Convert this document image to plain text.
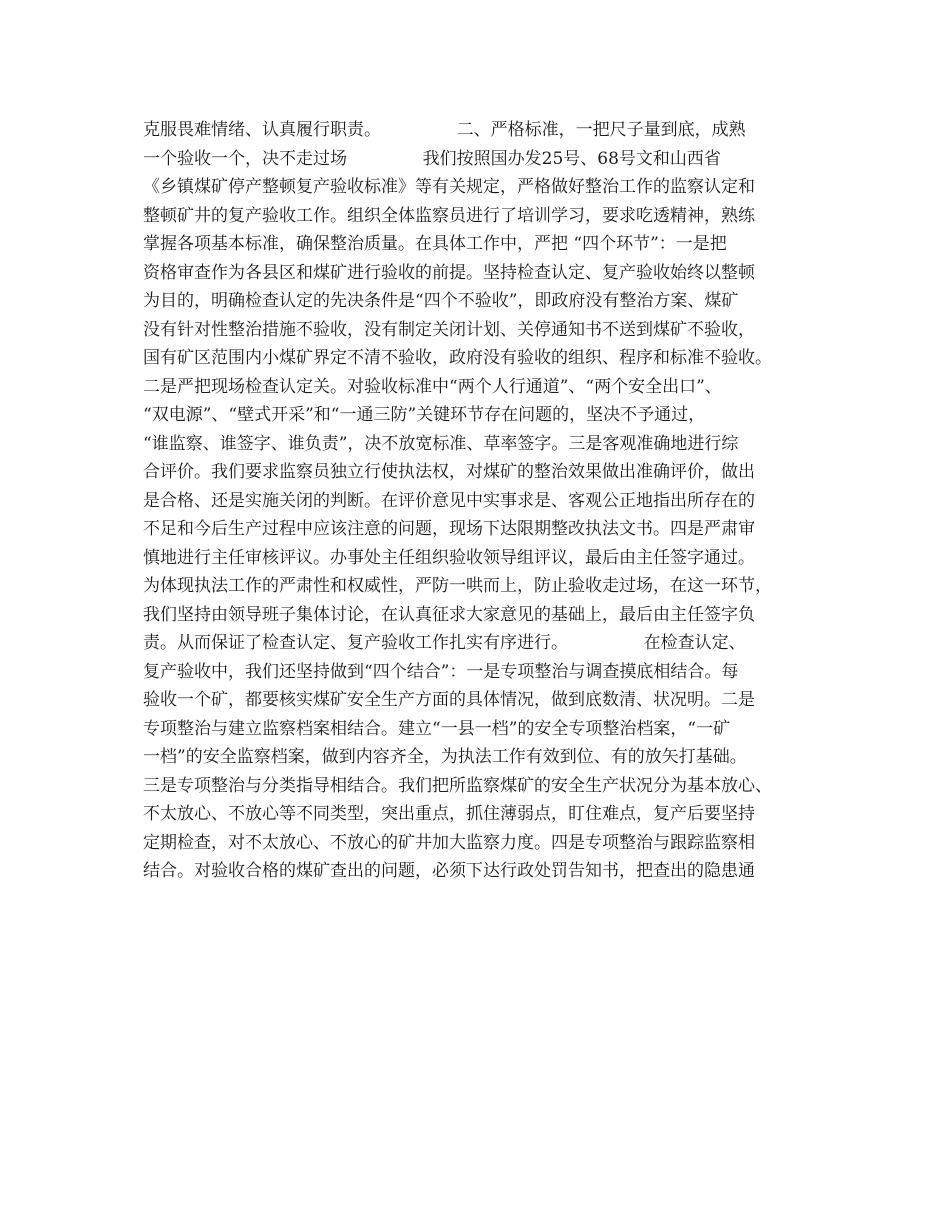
克服畏难情绪、认真履行职责。              二、严格标准，一把尺子量到底，成熟
一个验收一个，决不走过场              我们按照国办发25号、68号文和山西省
《乡镇煤矿停产整顿复产验收标准》等有关规定，严格做好整治工作的监察认定和
整顿矿井的复产验收工作。组织全体监察员进行了培训学习，要求吃透精神，熟练
掌握各项基本标准，确保整治质量。在具体工作中，严把 “四个环节”：一是把
资格审查作为各县区和煤矿进行验收的前提。坚持检查认定、复产验收始终以整顿
为目的，明确检查认定的先决条件是“四个不验收”，即政府没有整治方案、煤矿
没有针对性整治措施不验收，没有制定关闭计划、关停通知书不送到煤矿不验收，
国有矿区范围内小煤矿界定不清不验收，政府没有验收的组织、程序和标准不验收。
二是严把现场检查认定关。对验收标准中“两个人行通道”、“两个安全出口”、
“双电源”、“壁式开采”和“一通三防”关键环节存在问题的，坚决不予通过，
“谁监察、谁签字、谁负责”，决不放宽标准、草率签字。三是客观准确地进行综
合评价。我们要求监察员独立行使执法权，对煤矿的整治效果做出准确评价，做出
是合格、还是实施关闭的判断。在评价意见中实事求是、客观公正地指出所存在的
不足和今后生产过程中应该注意的问题，现场下达限期整改执法文书。四是严肃审
慎地进行主任审核评议。办事处主任组织验收领导组评议，最后由主任签字通过。
为体现执法工作的严肃性和权威性，严防一哄而上，防止验收走过场，在这一环节，
我们坚持由领导班子集体讨论，在认真征求大家意见的基础上，最后由主任签字负
责。从而保证了检查认定、复产验收工作扎实有序进行。              在检查认定、
复产验收中，我们还坚持做到“四个结合”：一是专项整治与调查摸底相结合。每
验收一个矿，都要核实煤矿安全生产方面的具体情况，做到底数清、状况明。二是
专项整治与建立监察档案相结合。建立“一县一档”的安全专项整治档案，“一矿
一档”的安全监察档案，做到内容齐全，为执法工作有效到位、有的放矢打基础。
三是专项整治与分类指导相结合。我们把所监察煤矿的安全生产状况分为基本放心、
不太放心、不放心等不同类型，突出重点，抓住薄弱点，盯住难点，复产后要坚持
定期检查，对不太放心、不放心的矿井加大监察力度。四是专项整治与跟踪监察相
结合。对验收合格的煤矿查出的问题，必须下达行政处罚告知书，把查出的隐患通
